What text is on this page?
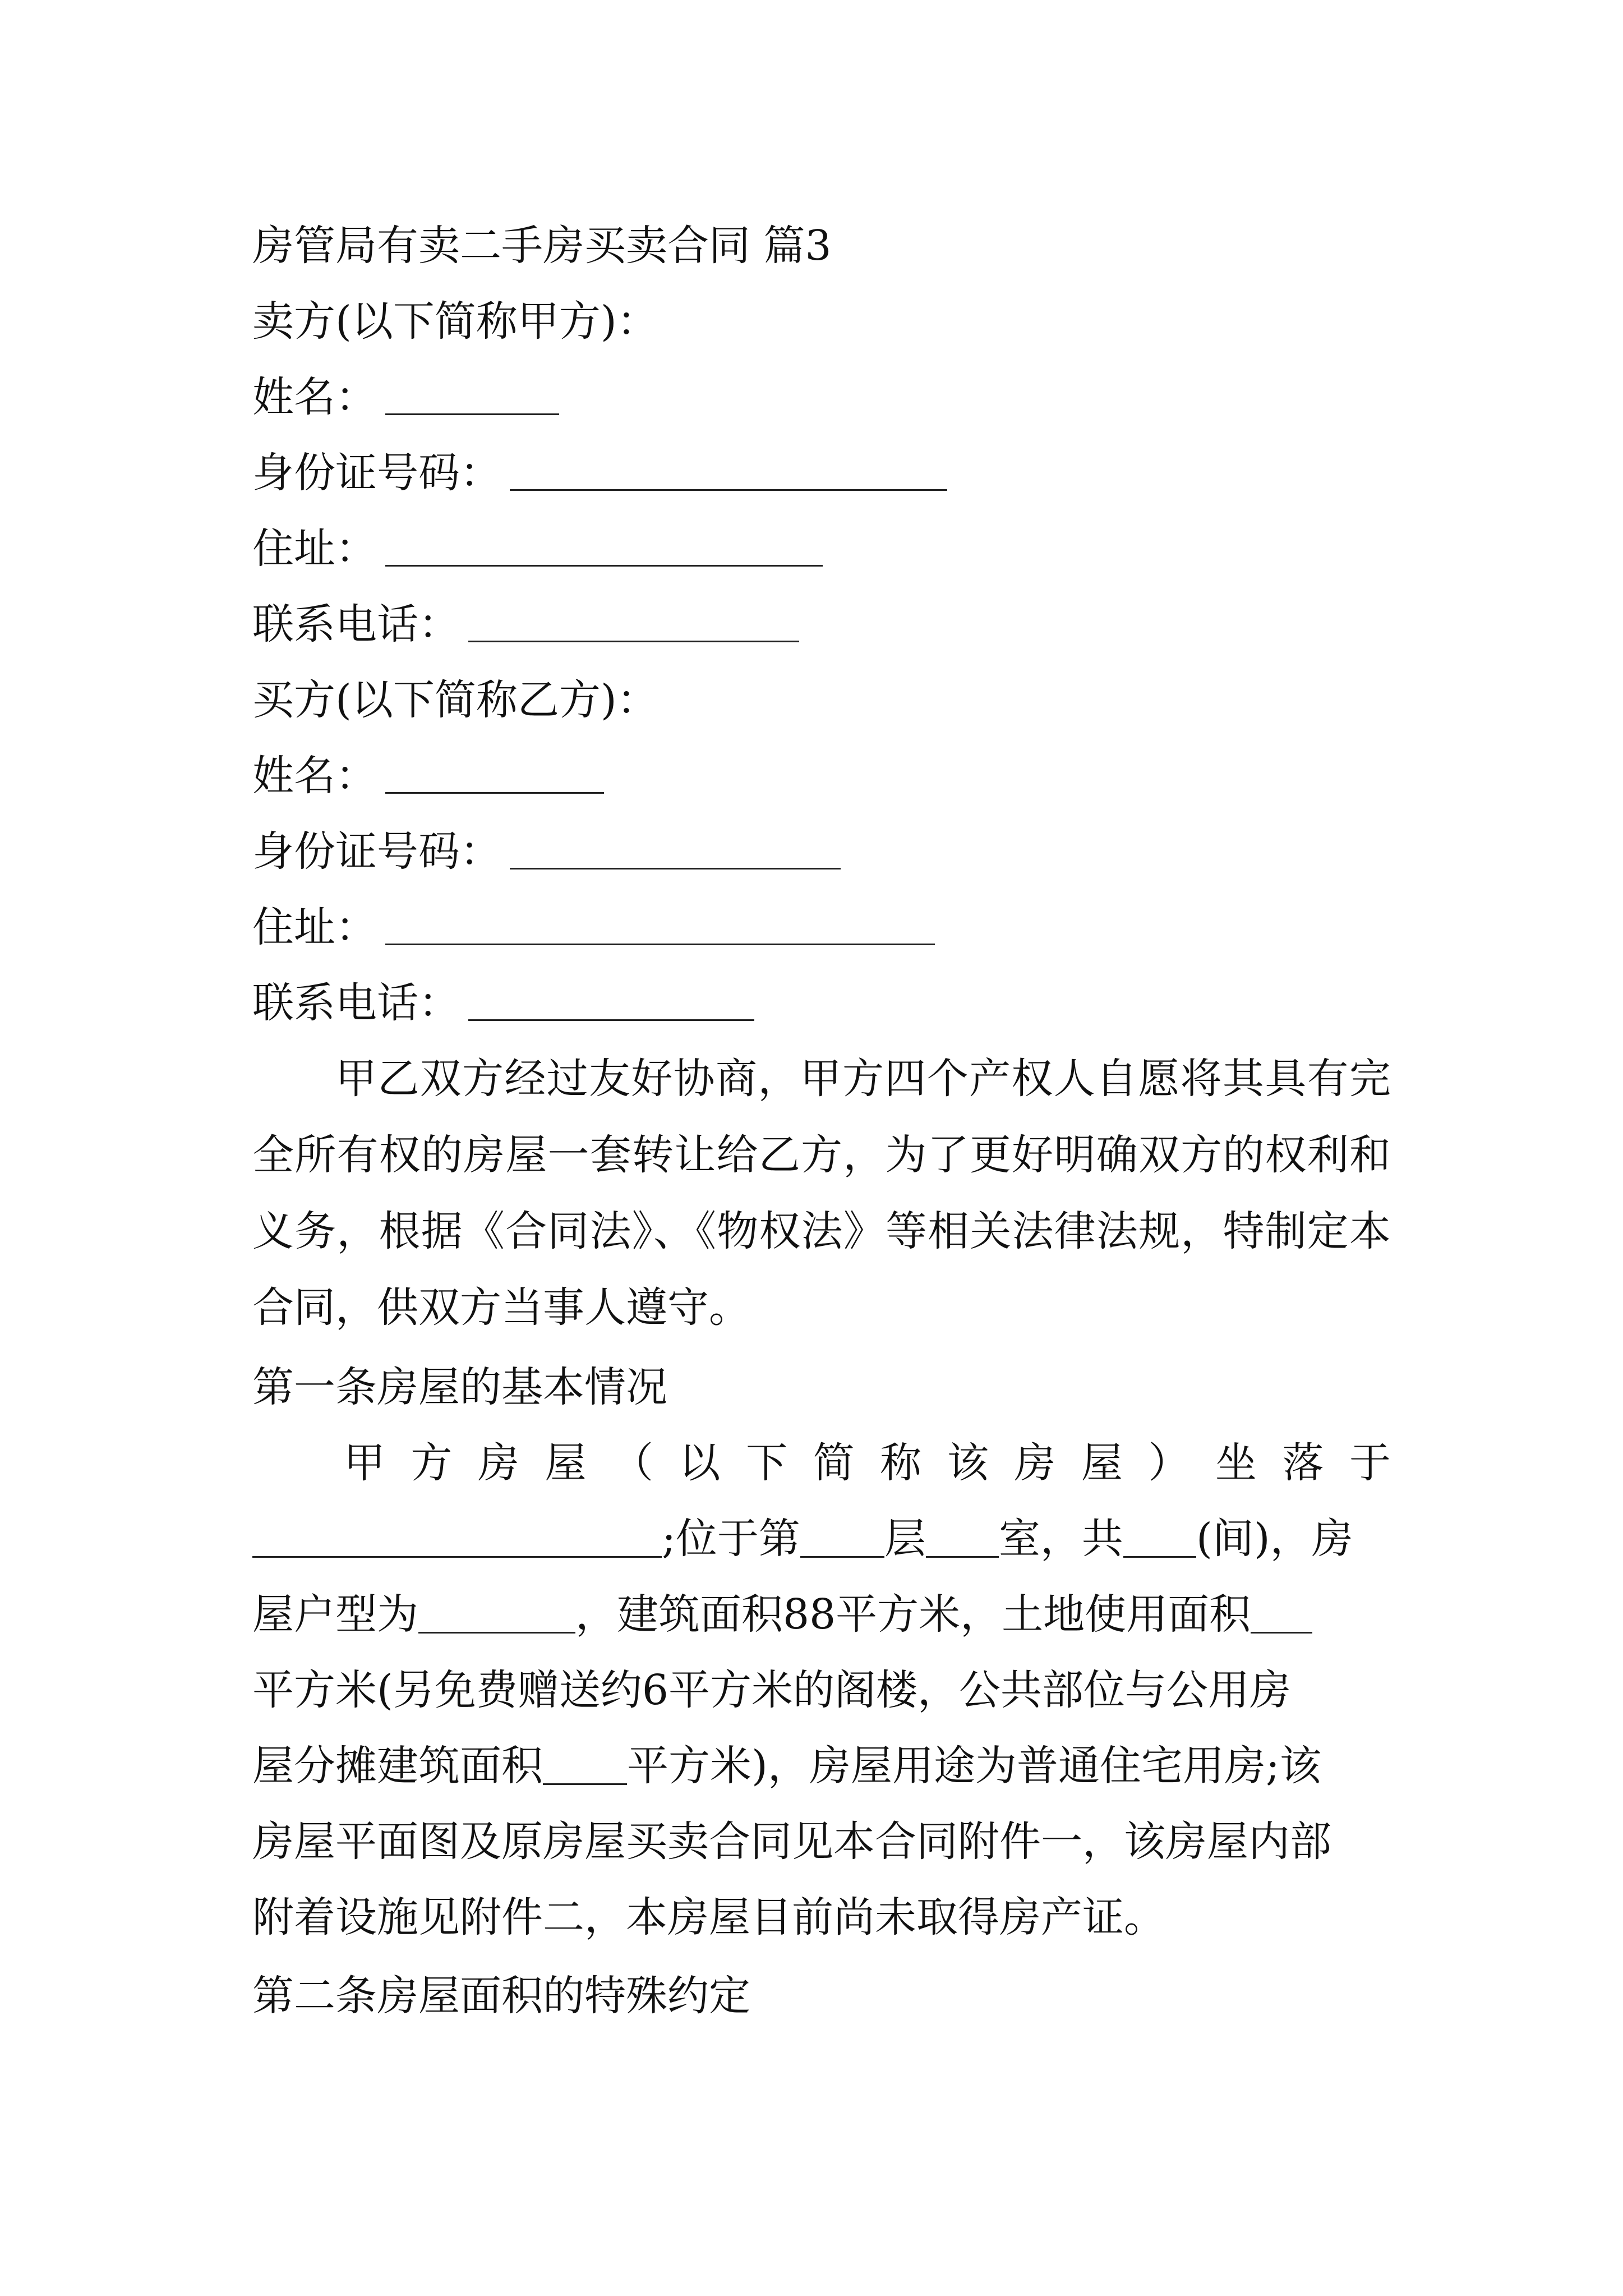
房管局有卖二手房买卖合同 篇3
卖方(以下简称甲方)：
姓名：
身份证号码：
住址：
联系电话：
买方(以下简称乙方)：
姓名：
身份证号码：
住址：
联系电话：
甲乙双方经过友好协商，甲方四个产权人自愿将其具有完全所有权的房屋一套转让给乙方，为了更好明确双方的权利和义务，根据《合同法》、《物权法》等相关法律法规，特制定本合同，供双方当事人遵守。
第一条房屋的基本情况
甲 方 房 屋 （ 以 下 简 称 该 房 屋 ） 坐 落 于
;位于第 层 室，共 (间)，房
屋户型为	，建筑面积88平方米，土地使用面积
平方米(另免费赠送约6平方米的阁楼，公共部位与公用房
屋分摊建筑面积 平方米)，房屋用途为普通住宅用房;该
房屋平面图及原房屋买卖合同见本合同附件一，该房屋内部
附着设施见附件二，本房屋目前尚未取得房产证。
第二条房屋面积的特殊约定
